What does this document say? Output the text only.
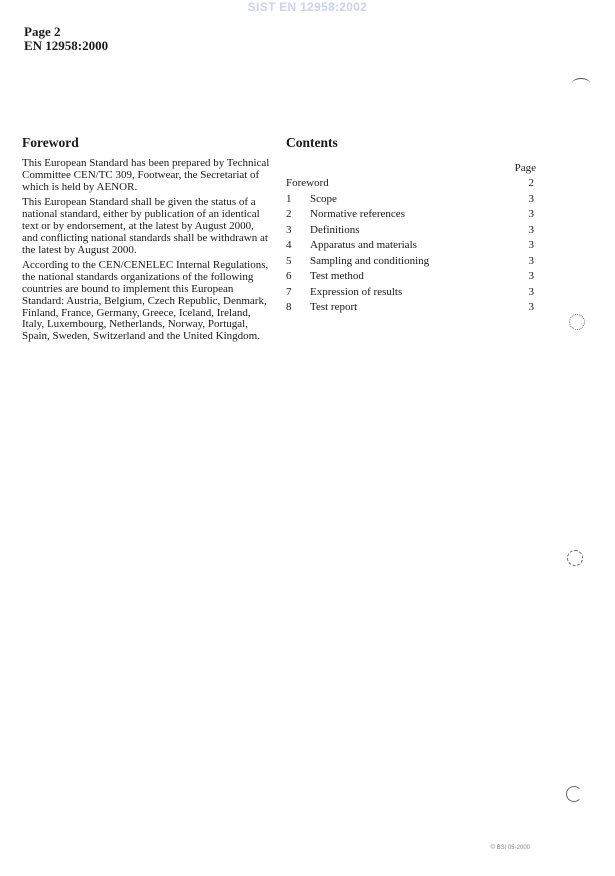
SIST EN 12958:2002
Page 2
EN 12958:2000
Foreword

This European Standard has been prepared by Technical Committee CEN/TC 309, Footwear, the Secretariat of which is held by AENOR.

This European Standard shall be given the status of a national standard, either by publication of an identical text or by endorsement, at the latest by August 2000, and conflicting national standards shall be withdrawn at the latest by August 2000.

According to the CEN/CENELEC Internal Regulations, the national standards organizations of the following countries are bound to implement this European Standard: Austria, Belgium, Czech Republic, Denmark, Finland, France, Germany, Greece, Iceland, Ireland, Italy, Luxembourg, Netherlands, Norway, Portugal, Spain, Sweden, Switzerland and the United Kingdom.

Contents
Page
Foreword	2
1 Scope	3
2 Normative references	3
3 Definitions	3
4 Apparatus and materials	3
5 Sampling and conditioning	3
6 Test method	3
7 Expression of results	3
8 Test report	3
© BSI 05-2000
